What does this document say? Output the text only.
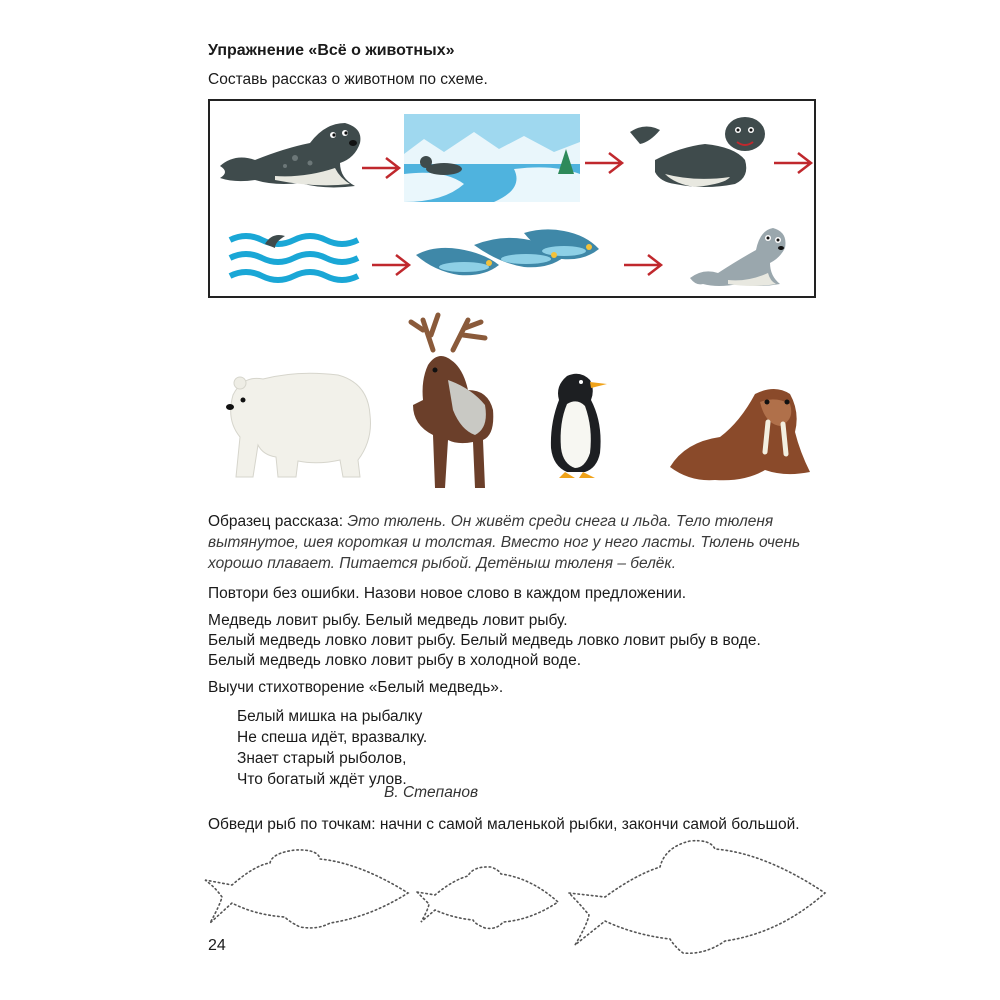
Упражнение «Всё о животных»
Составь рассказ о животном по схеме.
Образец рассказа: Это тюлень. Он живёт среди снега и льда. Тело тюленя вытянутое, шея короткая и толстая. Вместо ног у него ласты. Тюлень очень хорошо плавает. Питается рыбой. Детёныш тюленя – белёк.
Повтори без ошибки. Назови новое слово в каждом предложении.
Медведь ловит рыбу. Белый медведь ловит рыбу.
Белый медведь ловко ловит рыбу. Белый медведь ловко ловит рыбу в воде.
Белый медведь ловко ловит рыбу в холодной воде.
Выучи стихотворение «Белый медведь».
Белый мишка на рыбалку
Не спеша идёт, вразвалку.
Знает старый рыболов,
Что богатый ждёт улов.
В. Степанов
Обведи рыб по точкам: начни с самой маленькой рыбки, закончи самой большой.
24
